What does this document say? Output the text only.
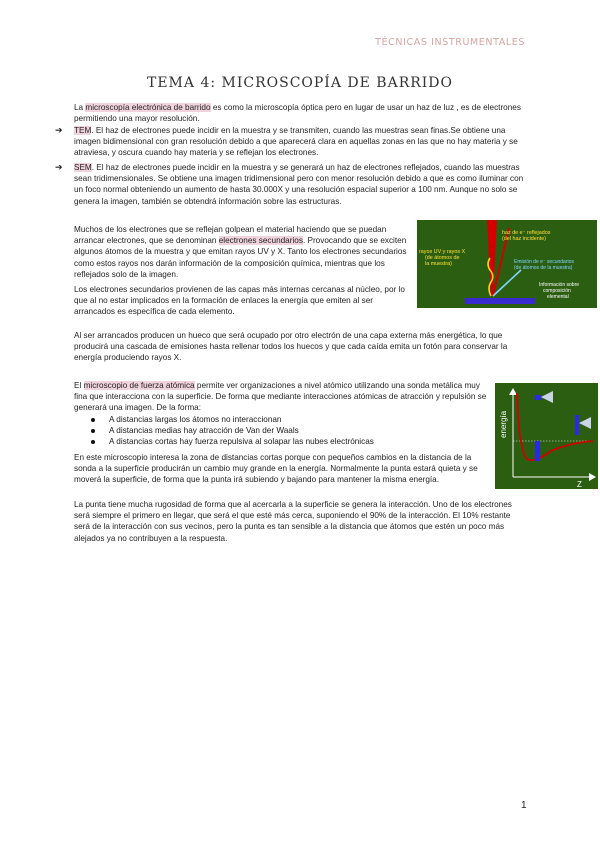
TÉCNICAS INSTRUMENTALES
TEMA 4: MICROSCOPÍA DE BARRIDO

La microscopía electrónica de barrido es como la microscopía óptica pero en lugar de usar un haz de luz , es de electrones permitiendo una mayor resolución.

➔ TEM. El haz de electrones puede incidir en la muestra y se transmiten, cuando las muestras sean finas.Se obtiene una imagen bidimensional con gran resolución debido a que aparecerá clara en aquellas zonas en las que no hay materia y se atraviesa, y oscura cuando hay materia y se reflejan los electrones.

➔ SEM. El haz de electrones puede incidir en la muestra y se generará un haz de electrones reflejados, cuando las muestras sean tridimensionales. Se obtiene una imagen tridimensional pero con menor resolución debido a que es como iluminar con un foco normal obteniendo un aumento de hasta 30.000X y una resolución espacial superior a 100 nm. Aunque no solo se genera la imagen, también se obtendrá información sobre las estructuras.

Muchos de los electrones que se reflejan golpean el material haciendo que se puedan arrancar electrones, que se denominan electrones secundarios. Provocando que se exciten algunos átomos de la muestra y que emitan rayos UV y X. Tanto los electrones secundarios como estos rayos nos darán información de la composición química, mientras que los reflejados solo de la imagen.

Los electrones secundarios provienen de las capas más internas cercanas al núcleo, por lo que al no estar implicados en la formación de enlaces la energía que emiten al ser arrancados es específica de cada elemento.

Al ser arrancados producen un hueco que será ocupado por otro electrón de una capa externa más energética, lo que producirá una cascada de emisiones hasta rellenar todos los huecos y que cada caída emita un fotón para conservar la energía produciendo rayos X.

haz de e⁻ reflejados (del haz incidente)
rayos UV y rayos X (de átomos de la muestra)	Emisión de e⁻ secundarios (de átomos de la muestra)
Información sobre composición elemental

El microscopio de fuerza atómica permite ver organizaciones a nivel atómico utilizando una sonda metálica muy fina que interacciona con la superficie. De forma que mediante interacciones atómicas de atracción y repulsión se generará una imagen. De la forma:

A distancias largas los átomos no interaccionan
A distancias medias hay atracción de Van der Waals
A distancias cortas hay fuerza repulsiva al solapar las nubes electrónicas

En este microscopio interesa la zona de distancias cortas porque con pequeños cambios en la distancia de la sonda a la superficie producirán un cambio muy grande en la energía. Normalmente la punta estará quieta y se moverá la superficie, de forma que la punta irá subiendo y bajando para mantener la misma energía.

La punta tiene mucha rugosidad de forma que al acercarla a la superficie se genera la interacción. Uno de los electrones será siempre el primero en llegar, que será el que esté más cerca, suponiendo el 90% de la interacción. El 10% restante será de la interacción con sus vecinos, pero la punta es tan sensible a la distancia que átomos que estén un poco más alejados ya no contribuyen a la respuesta.

energía
Z
1
